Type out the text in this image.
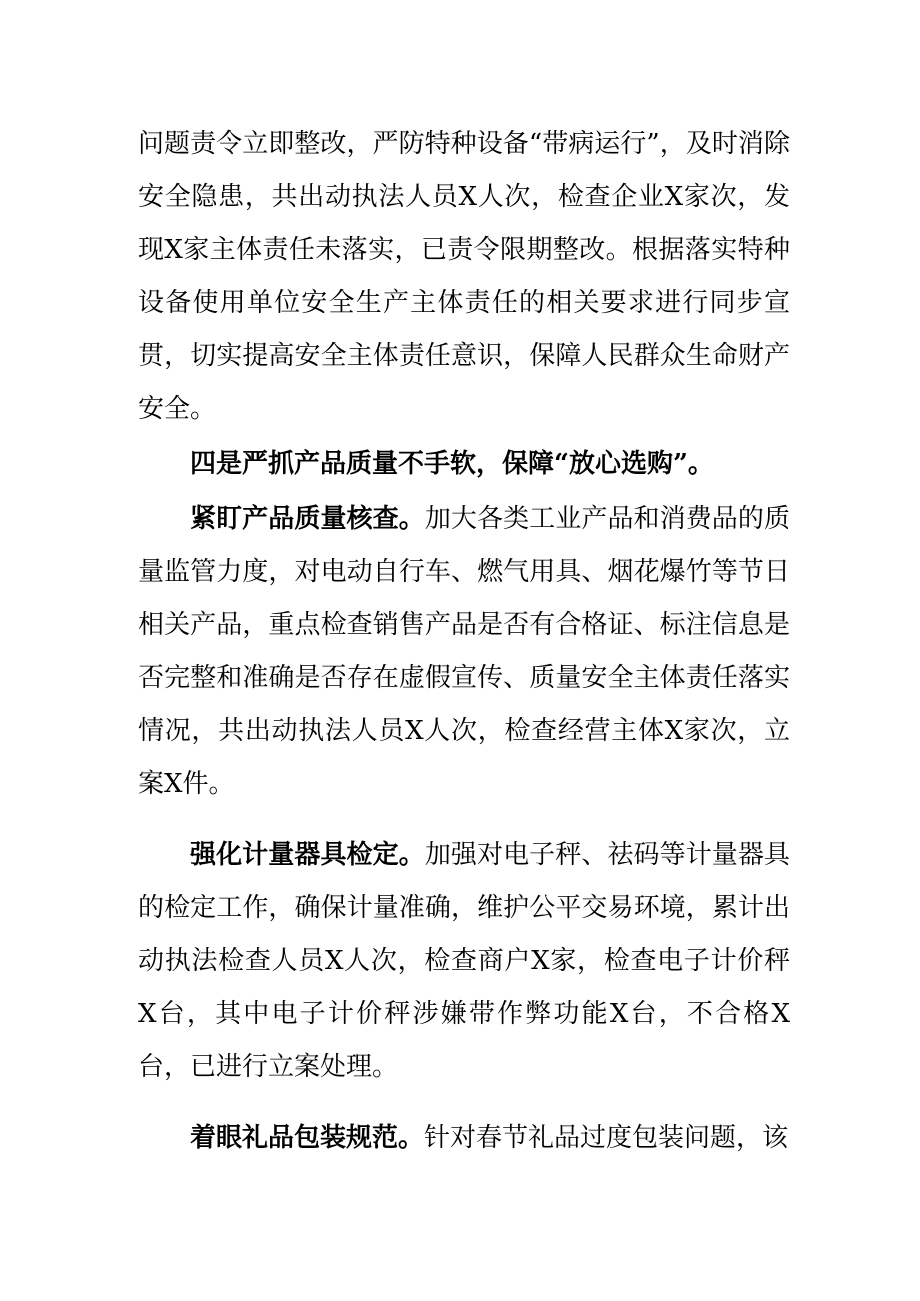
问题责令立即整改，严防特种设备“带病运行”，及时消除安全隐患，共出动执法人员X人次，检查企业X家次，发现X家主体责任未落实，已责令限期整改。根据落实特种设备使用单位安全生产主体责任的相关要求进行同步宣贯，切实提高安全主体责任意识，保障人民群众生命财产安全。

四是严抓产品质量不手软，保障“放心选购”。

紧盯产品质量核查。加大各类工业产品和消费品的质量监管力度，对电动自行车、燃气用具、烟花爆竹等节日相关产品，重点检查销售产品是否有合格证、标注信息是否完整和准确是否存在虚假宣传、质量安全主体责任落实情况，共出动执法人员X人次，检查经营主体X家次，立案X件。

强化计量器具检定。加强对电子秤、祛码等计量器具的检定工作，确保计量准确，维护公平交易环境，累计出动执法检查人员X人次，检查商户X家，检查电子计价秤X台，其中电子计价秤涉嫌带作弊功能X台，不合格X台，已进行立案处理。

着眼礼品包装规范。针对春节礼品过度包装问题，该
